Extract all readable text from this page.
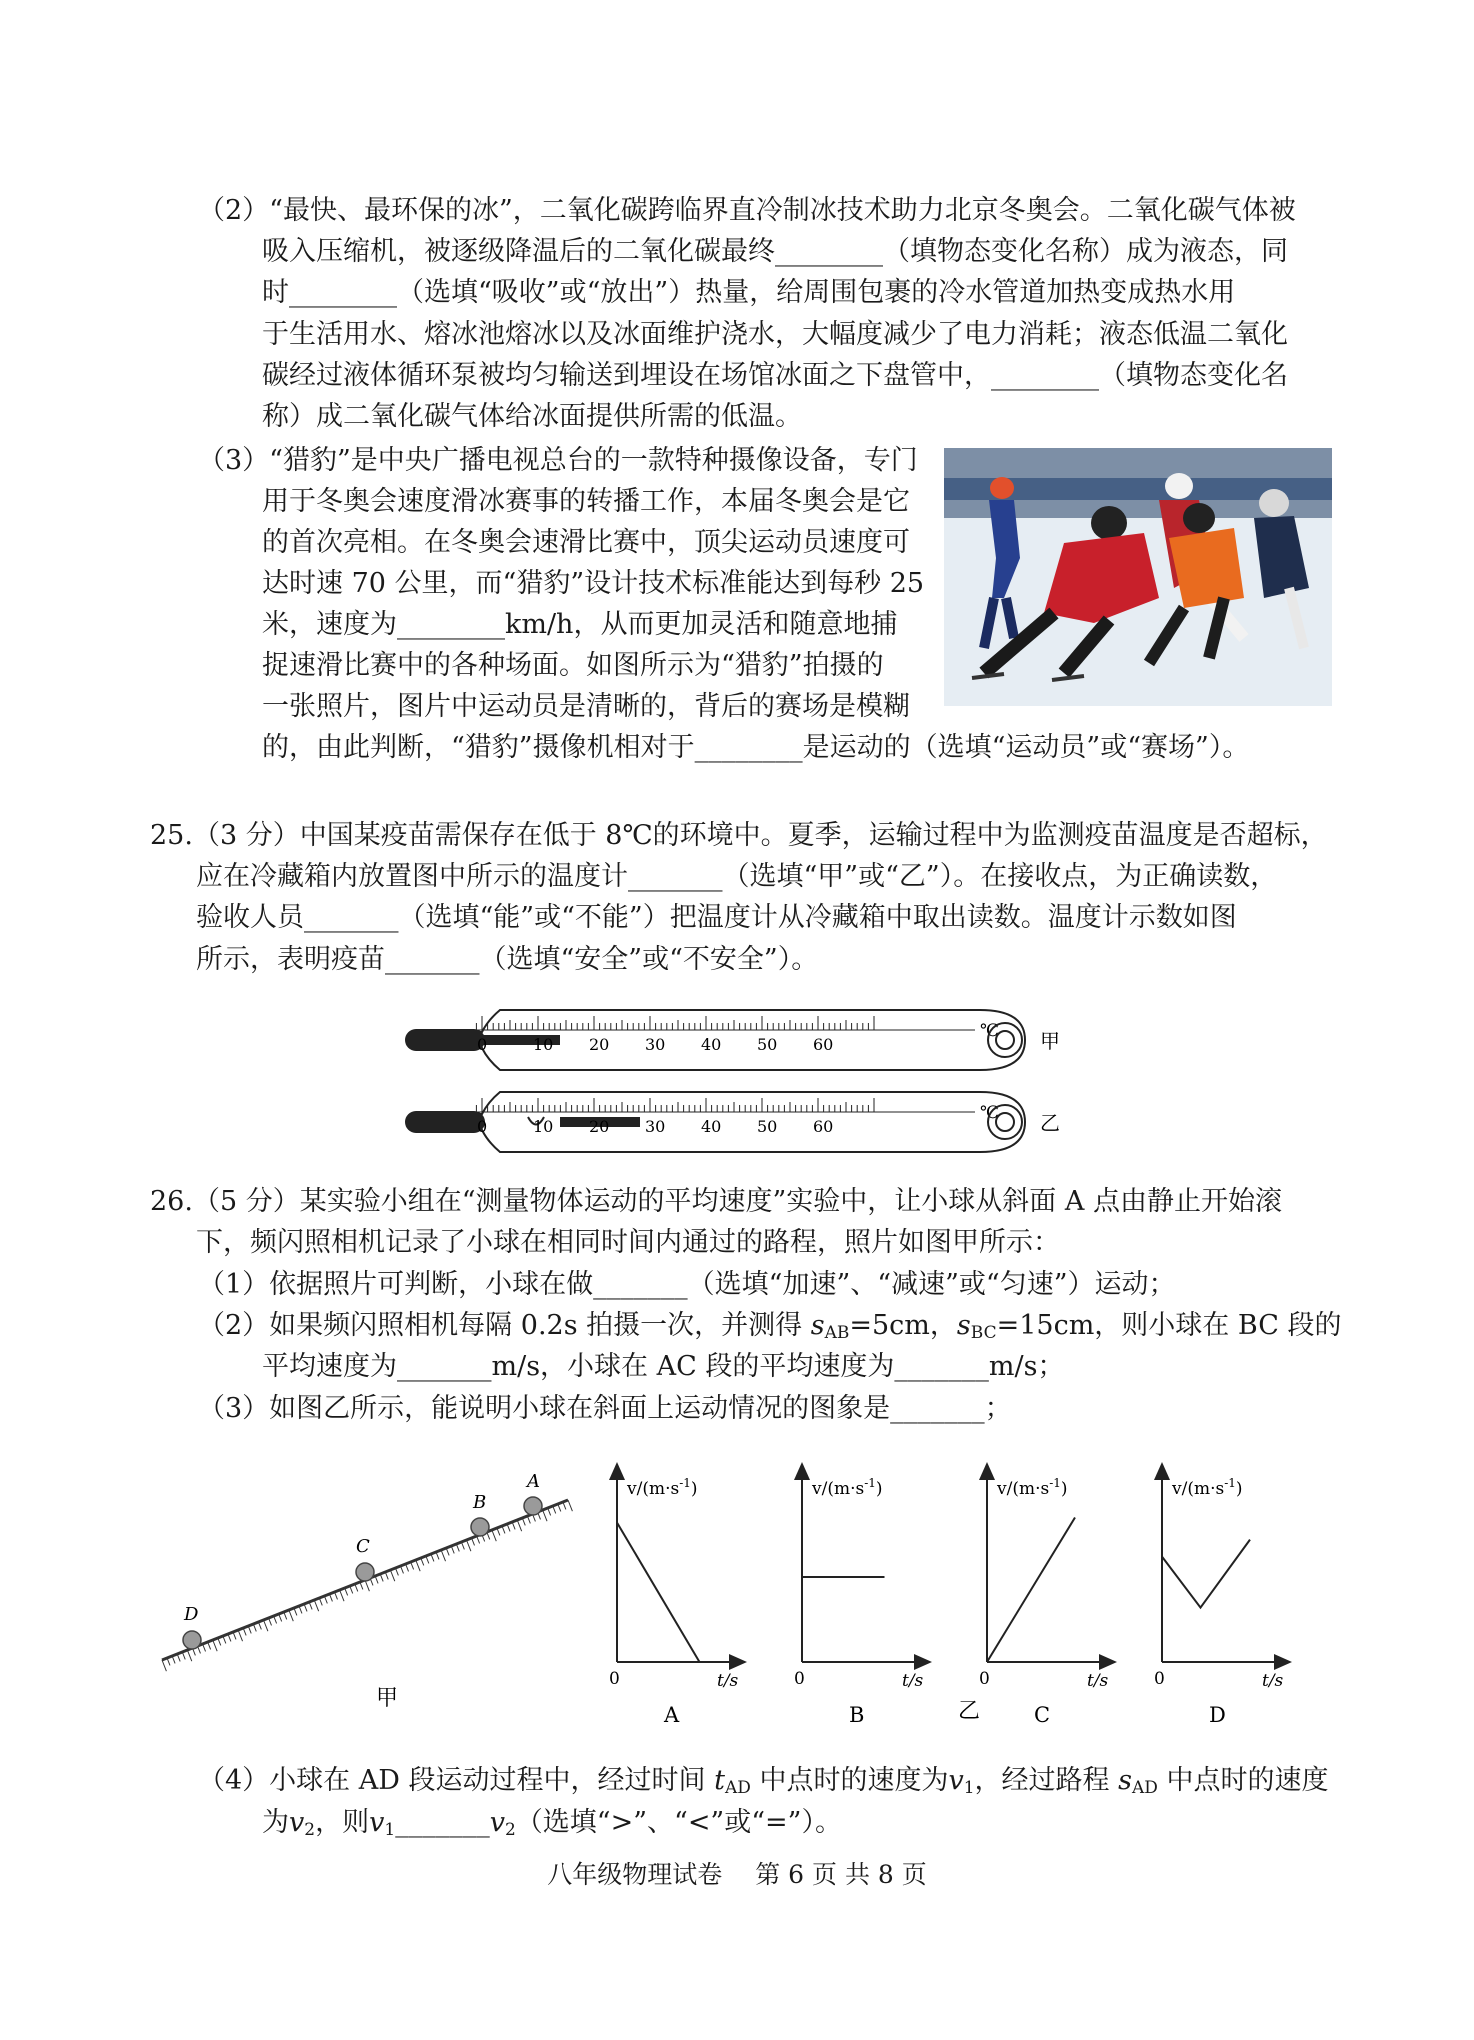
（2）“最快、最环保的冰”，二氧化碳跨临界直冷制冰技术助力北京冬奥会。二氧化碳气体被
吸入压缩机，被逐级降温后的二氧化碳最终________（填物态变化名称）成为液态，同
时________（选填“吸收”或“放出”）热量，给周围包裹的冷水管道加热变成热水用
于生活用水、熔冰池熔冰以及冰面维护浇水，大幅度减少了电力消耗；液态低温二氧化
碳经过液体循环泵被均匀输送到埋设在场馆冰面之下盘管中，________（填物态变化名
称）成二氧化碳气体给冰面提供所需的低温。
（3）“猎豹”是中央广播电视总台的一款特种摄像设备，专门
用于冬奥会速度滑冰赛事的转播工作，本届冬奥会是它
的首次亮相。在冬奥会速滑比赛中，顶尖运动员速度可
达时速 70 公里，而“猎豹”设计技术标准能达到每秒 25
米，速度为________km/h，从而更加灵活和随意地捕
捉速滑比赛中的各种场面。如图所示为“猎豹”拍摄的
一张照片，图片中运动员是清晰的，背后的赛场是模糊
的，由此判断，“猎豹”摄像机相对于________是运动的（选填“运动员”或“赛场”）。
25.（3 分）中国某疫苗需保存在低于 8℃的环境中。夏季，运输过程中为监测疫苗温度是否超标，
应在冷藏箱内放置图中所示的温度计_______（选填“甲”或“乙”）。在接收点，为正确读数，
验收人员_______（选填“能”或“不能”）把温度计从冷藏箱中取出读数。温度计示数如图
所示，表明疫苗_______（选填“安全”或“不安全”）。
0	10 20 30 40 50 60
℃ 甲
0	10 20 30 40 50 60
℃ 乙
26.（5 分）某实验小组在“测量物体运动的平均速度”实验中，让小球从斜面 A 点由静止开始滚
下，频闪照相机记录了小球在相同时间内通过的路程，照片如图甲所示：
（1）依据照片可判断，小球在做_______（选填“加速”、“减速”或“匀速”）运动；
（2）如果频闪照相机每隔 0.2s 拍摄一次，并测得 $s_{AB}=5cm$，$s_{BC}=15cm$，则小球在 BC 段的
平均速度为_______m/s，小球在 AC 段的平均速度为_______m/s；
（3）如图乙所示，能说明小球在斜面上运动情况的图象是_______；
D
C
B
A
甲
$v/(m\cdot s^{-1})$
t/s
0
A
$v/(m\cdot s^{-1})$
t/s
0
B
$v/(m\cdot s^{-1})$
t/s
0
C
$v/(m\cdot s^{-1})$
t/s
0
D
乙
（4）小球在 AD 段运动过程中，经过时间 $t_{AD}$ 中点时的速度为$v_1$，经过路程 $s_{AD}$ 中点时的速度
为$v_2$，则$v_1\_\_\_\_\_\_\_v_2$（选填“>”、“<”或“=”）。
八年级物理试卷　 第 6 页 共 8 页
